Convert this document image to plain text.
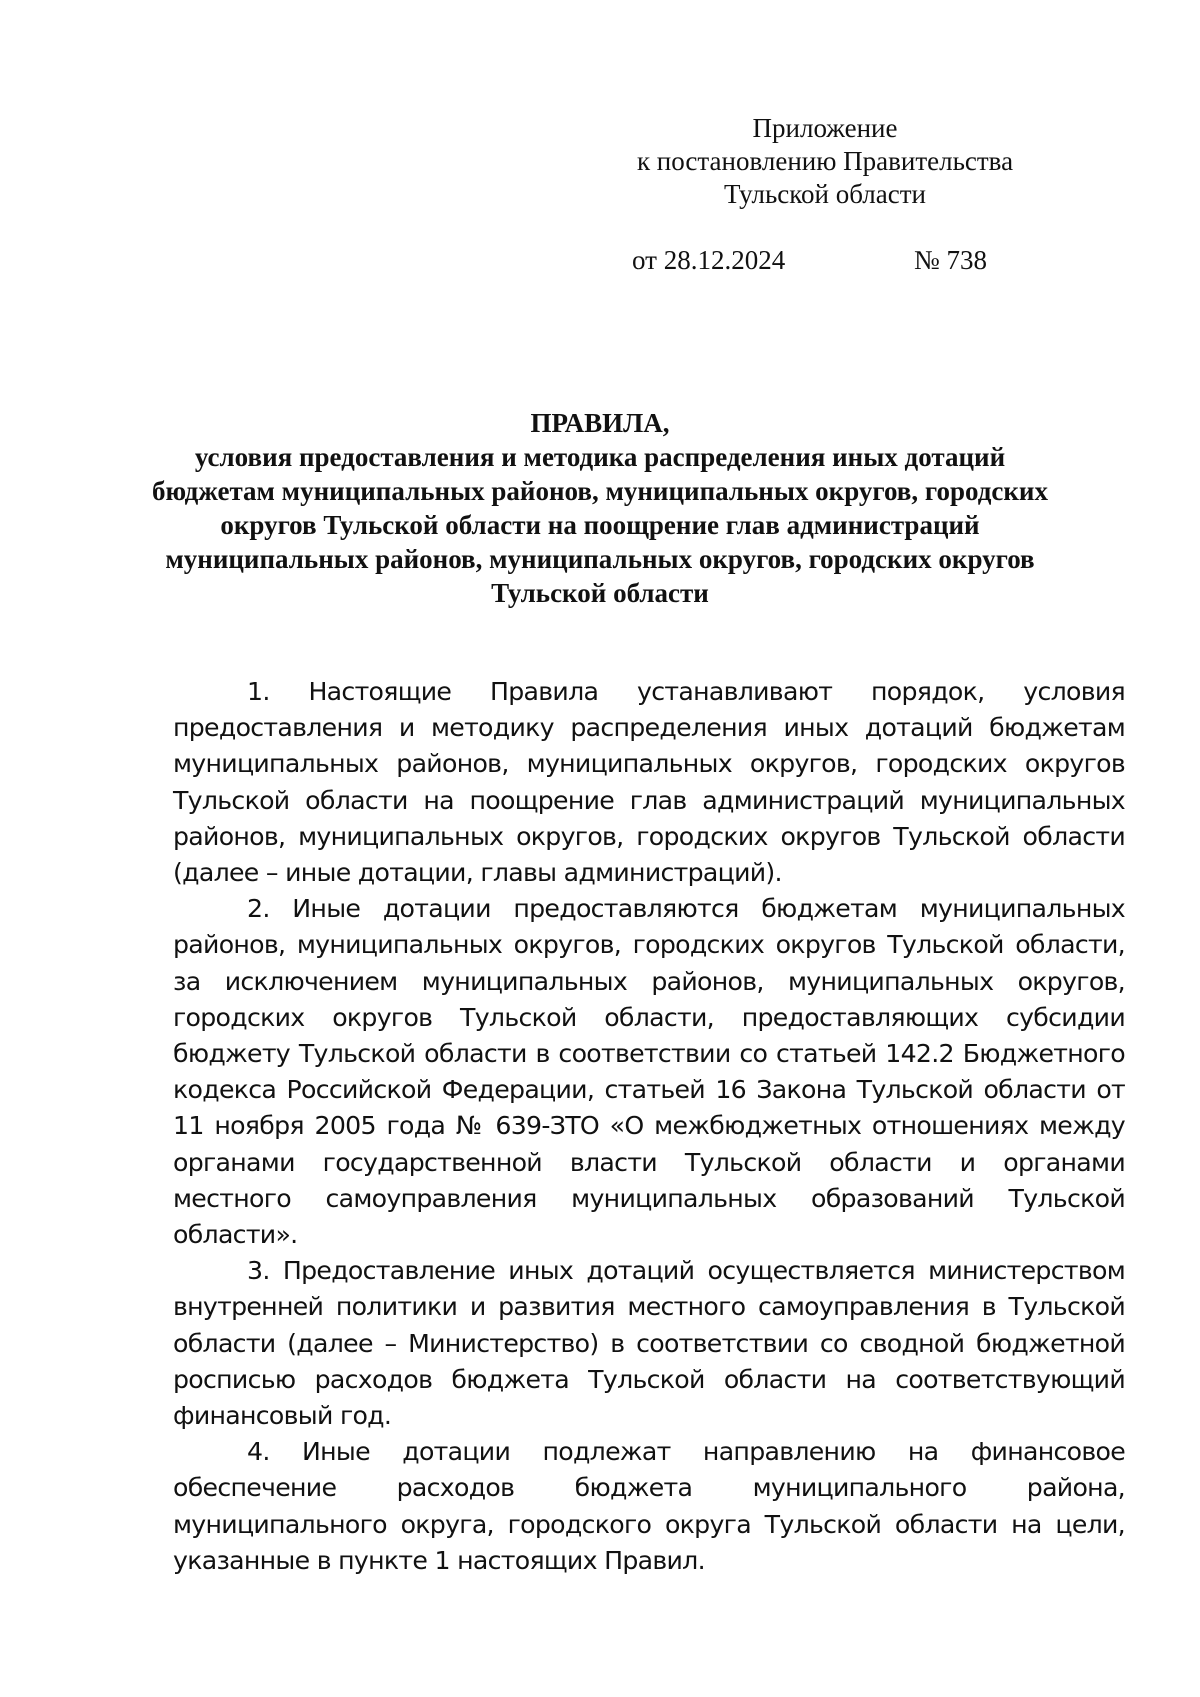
Приложение
к постановлению Правительства
Тульской области
от 28.12.2024	№ 738
ПРАВИЛА,
условия предоставления и методика распределения иных дотаций
бюджетам муниципальных районов, муниципальных округов, городских
округов Тульской области на поощрение глав администраций
муниципальных районов, муниципальных округов, городских округов
Тульской области

1. Настоящие Правила устанавливают порядок, условия предоставления и методику распределения иных дотаций бюджетам муниципальных районов, муниципальных округов, городских округов Тульской области на поощрение глав администраций муниципальных районов, муниципальных округов, городских округов Тульской области (далее – иные дотации, главы администраций).

2. Иные дотации предоставляются бюджетам муниципальных районов, муниципальных округов, городских округов Тульской области, за исключением муниципальных районов, муниципальных округов, городских округов Тульской области, предоставляющих субсидии бюджету Тульской области в соответствии со статьей 142.2 Бюджетного кодекса Российской Федерации, статьей 16 Закона Тульской области от 11 ноября 2005 года № 639-ЗТО «О межбюджетных отношениях между органами государственной власти Тульской области и органами местного самоуправления муниципальных образований Тульской области».

3. Предоставление иных дотаций осуществляется министерством внутренней политики и развития местного самоуправления в Тульской области (далее – Министерство) в соответствии со сводной бюджетной росписью расходов бюджета Тульской области на соответствующий финансовый год.

4. Иные дотации подлежат направлению на финансовое обеспечение расходов бюджета муниципального района, муниципального округа, городского округа Тульской области на цели, указанные в пункте 1 настоящих Правил.
